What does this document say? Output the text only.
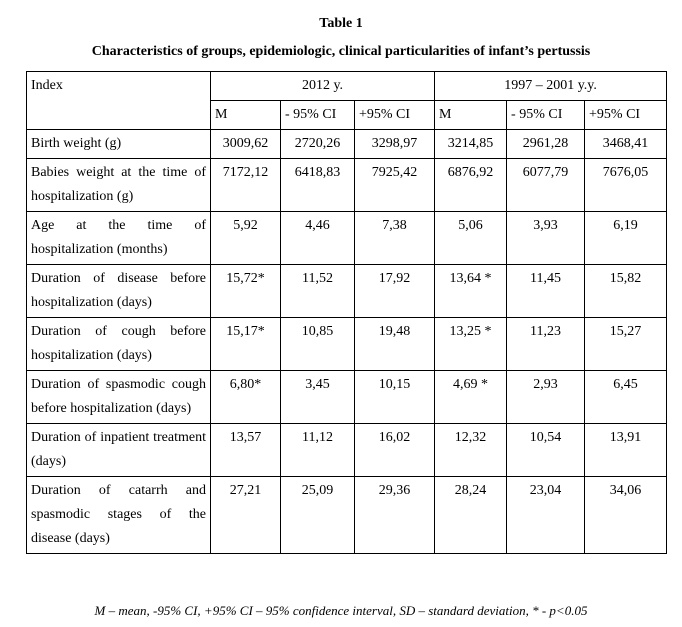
Table 1
Characteristics of groups, epidemiologic, clinical particularities of infant’s pertussis
Index	2012 y.			1997 – 2001 y.y.		
	M	- 95% CI	+95% CI	M	- 95% CI	+95% CI
Birth weight (g)	3009,62	2720,26	3298,97	3214,85	2961,28	3468,41
Babies weight at the time of hospitalization (g)	7172,12	6418,83	7925,42	6876,92	6077,79	7676,05
Age at the time of hospitalization (months)	5,92	4,46	7,38	5,06	3,93	6,19
Duration of disease before hospitalization (days)	15,72*	11,52	17,92	13,64 *	11,45	15,82
Duration of cough before hospitalization (days)	15,17*	10,85	19,48	13,25 *	11,23	15,27
Duration of spasmodic cough before hospitalization (days)	6,80*	3,45	10,15	4,69 *	2,93	6,45
Duration of inpatient treatment (days)	13,57	11,12	16,02	12,32	10,54	13,91
Duration of catarrh and spasmodic stages of the disease (days)	27,21	25,09	29,36	28,24	23,04	34,06
M – mean, -95% CI, +95% CI – 95% confidence interval, SD – standard deviation, * - p<0.05
